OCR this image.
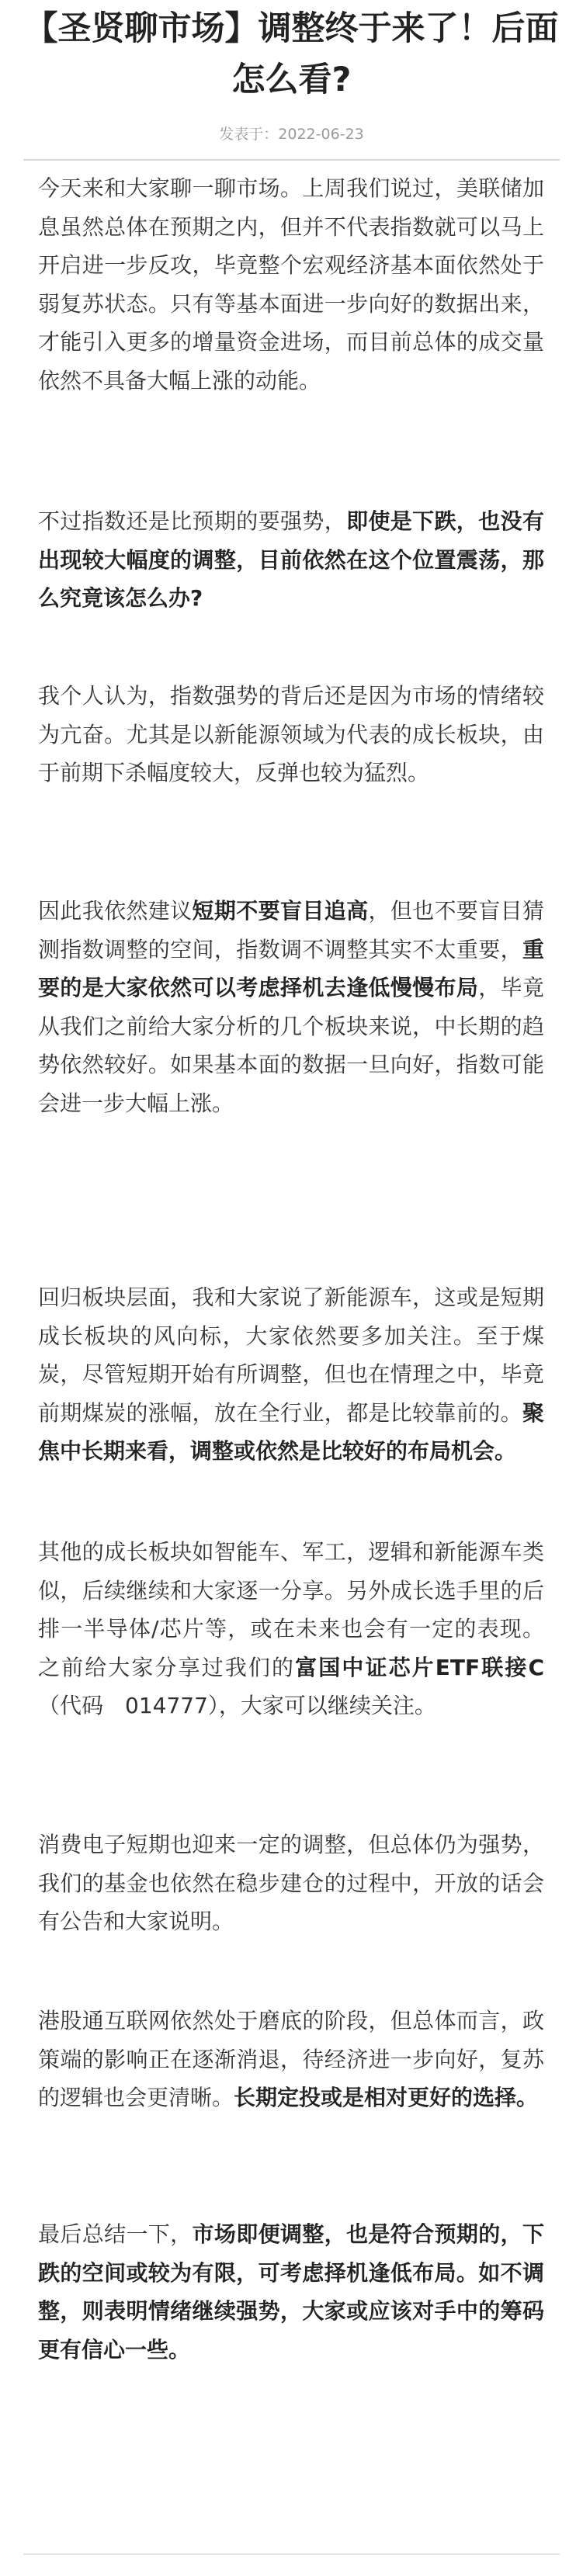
【圣贤聊市场】调整终于来了！后面怎么看?
发表于：2022-06-23

今天来和大家聊一聊市场。上周我们说过，美联储加息虽然总体在预期之内，但并不代表指数就可以马上开启进一步反攻，毕竟整个宏观经济基本面依然处于弱复苏状态。只有等基本面进一步向好的数据出来，才能引入更多的增量资金进场，而目前总体的成交量依然不具备大幅上涨的动能。

不过指数还是比预期的要强势，即使是下跌，也没有出现较大幅度的调整，目前依然在这个位置震荡，那么究竟该怎么办?

我个人认为，指数强势的背后还是因为市场的情绪较为亢奋。尤其是以新能源领域为代表的成长板块，由于前期下杀幅度较大，反弹也较为猛烈。

因此我依然建议短期不要盲目追高，但也不要盲目猜测指数调整的空间，指数调不调整其实不太重要，重要的是大家依然可以考虑择机去逢低慢慢布局，毕竟从我们之前给大家分析的几个板块来说，中长期的趋势依然较好。如果基本面的数据一旦向好，指数可能会进一步大幅上涨。

回归板块层面，我和大家说了新能源车，这或是短期成长板块的风向标，大家依然要多加关注。至于煤炭，尽管短期开始有所调整，但也在情理之中，毕竟前期煤炭的涨幅，放在全行业，都是比较靠前的。聚焦中长期来看，调整或依然是比较好的布局机会。

其他的成长板块如智能车、军工，逻辑和新能源车类似，后续继续和大家逐一分享。另外成长选手里的后排一半导体/芯片等，或在未来也会有一定的表现。之前给大家分享过我们的富国中证芯片ETF联接C（代码　014777），大家可以继续关注。

消费电子短期也迎来一定的调整，但总体仍为强势，我们的基金也依然在稳步建仓的过程中，开放的话会有公告和大家说明。

港股通互联网依然处于磨底的阶段，但总体而言，政策端的影响正在逐渐消退，待经济进一步向好，复苏的逻辑也会更清晰。长期定投或是相对更好的选择。

最后总结一下，市场即便调整，也是符合预期的，下跌的空间或较为有限，可考虑择机逢低布局。如不调整，则表明情绪继续强势，大家或应该对手中的筹码更有信心一些。
